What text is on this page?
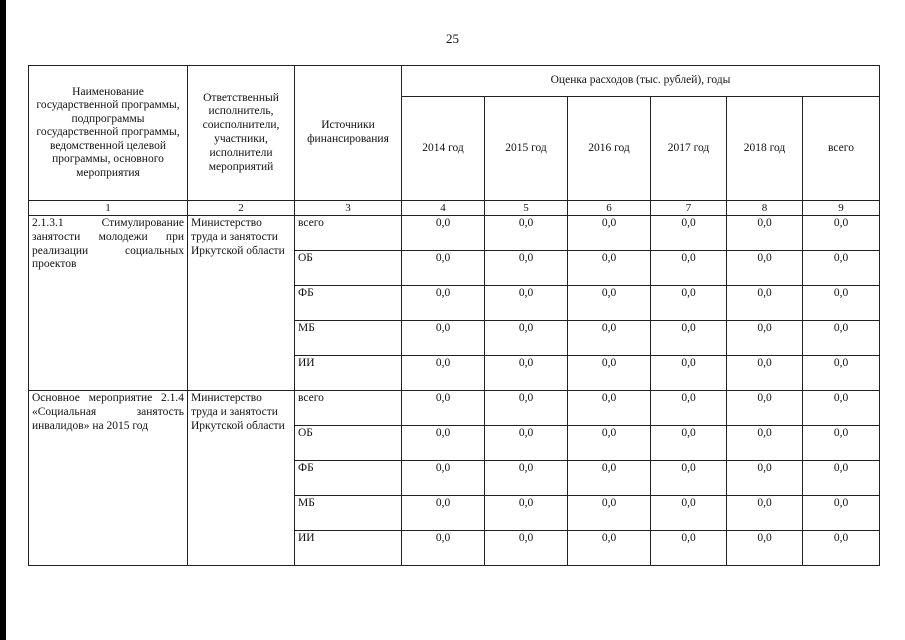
25
Наименование государственной программы, подпрограммы государственной программы, ведомственной целевой программы, основного мероприятия	Ответственный исполнитель, соисполнители, участники, исполнители мероприятий	Источники финансирования	Оценка расходов (тыс. рублей), годы					
			2014 год	2015 год	2016 год	2017 год	2018 год	всего
1	2	3	4	5	6	7	8	9
2.1.3.1 Стимулирование занятости молодежи при реализации социальных проектов	Министерство труда и занятости Иркутской области	всего	0,0	0,0	0,0	0,0	0,0	0,0
		ОБ	0,0	0,0	0,0	0,0	0,0	0,0
		ФБ	0,0	0,0	0,0	0,0	0,0	0,0
		МБ	0,0	0,0	0,0	0,0	0,0	0,0
		ИИ	0,0	0,0	0,0	0,0	0,0	0,0
Основное мероприятие 2.1.4 «Социальная занятость инвалидов» на 2015 год	Министерство труда и занятости Иркутской области	всего	0,0	0,0	0,0	0,0	0,0	0,0
		ОБ	0,0	0,0	0,0	0,0	0,0	0,0
		ФБ	0,0	0,0	0,0	0,0	0,0	0,0
		МБ	0,0	0,0	0,0	0,0	0,0	0,0
		ИИ	0,0	0,0	0,0	0,0	0,0	0,0
